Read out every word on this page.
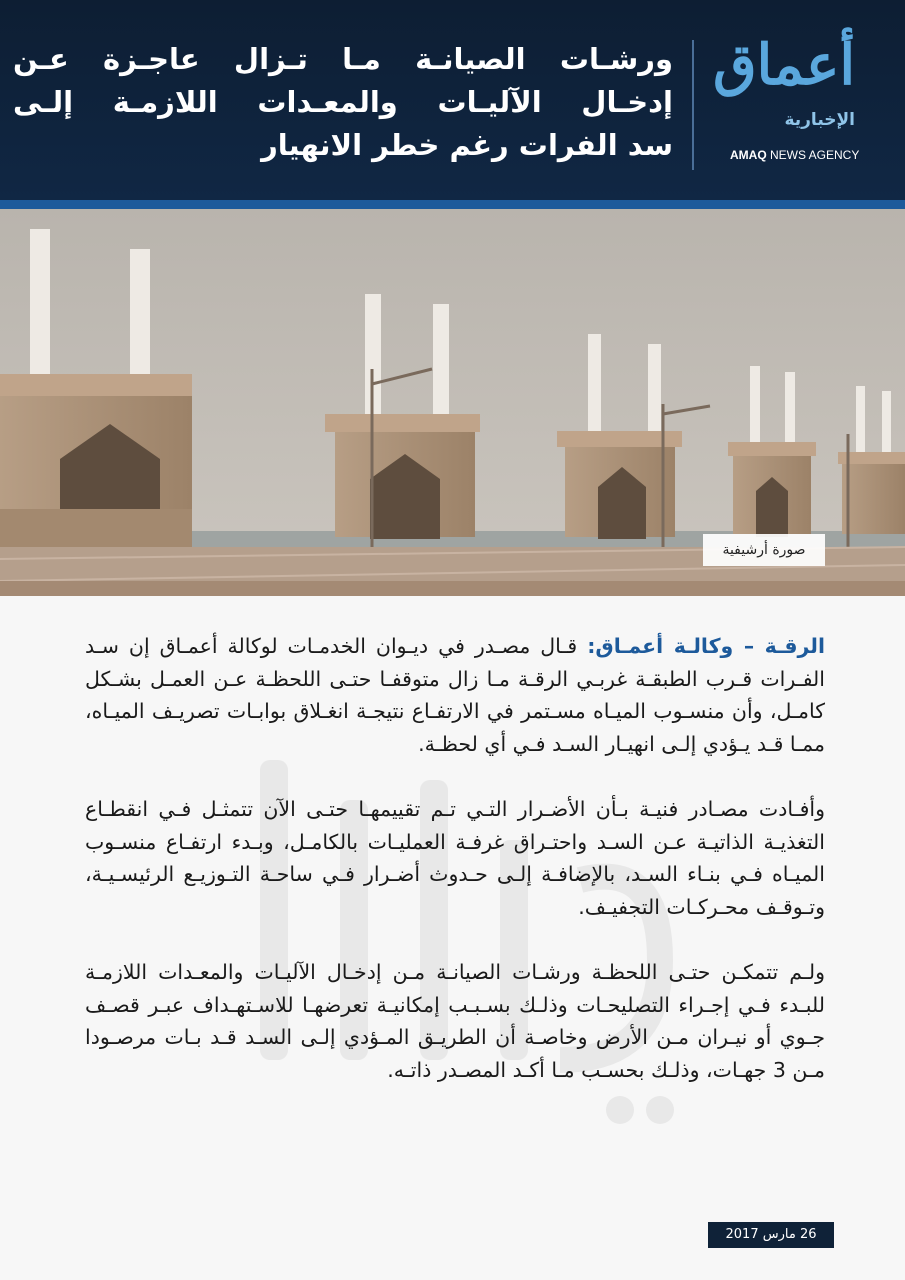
ورشـات الصيانـة مـا تـزال عاجـزة عـن
إدخـال الآليـات والمعـدات اللازمـة إلـى
سد الفرات رغم خطر الانهيار
أعماق
الإخبارية
AMAQ NEWS AGENCY
صورة أرشيفية

الرقـة – وكالـة أعمـاق: قـال مصـدر في ديـوان الخدمـات لوكالة أعمـاق إن سـد الفـرات قـرب الطبقـة غربـي الرقـة مـا زال متوقفـا حتـى اللحظـة عـن العمـل بشـكل كامـل، وأن منسـوب الميـاه مسـتمر في الارتفـاع نتيجـة انغـلاق بوابـات تصريـف الميـاه، ممـا قـد يـؤدي إلـى انهيـار السـد فـي أي لحظـة.

وأفـادت مصـادر فنيـة بـأن الأضـرار التـي تـم تقييمهـا حتـى الآن تتمثـل فـي انقطـاع التغذيـة الذاتيـة عـن السـد واحتـراق غرفـة العمليـات بالكامـل، وبـدء ارتفـاع منسـوب الميـاه فـي بنـاء السـد، بالإضافـة إلـى حـدوث أضـرار فـي ساحـة التـوزيـع الرئيسـيـة، وتـوقـف محـركـات التجفيـف.

ولـم تتمكـن حتـى اللحظـة ورشـات الصيانـة مـن إدخـال الآليـات والمعـدات اللازمـة للبـدء فـي إجـراء التصليحـات وذلـك بسـبـب إمكانيـة تعرضهـا للاسـتهـداف عبـر قصـف جـوي أو نيـران مـن الأرض وخاصـة أن الطريـق المـؤدي إلـى السـد قـد بـات مرصـودا مـن 3 جهـات، وذلـك بحسـب مـا أكـد المصـدر ذاتـه.

26 مارس 2017
